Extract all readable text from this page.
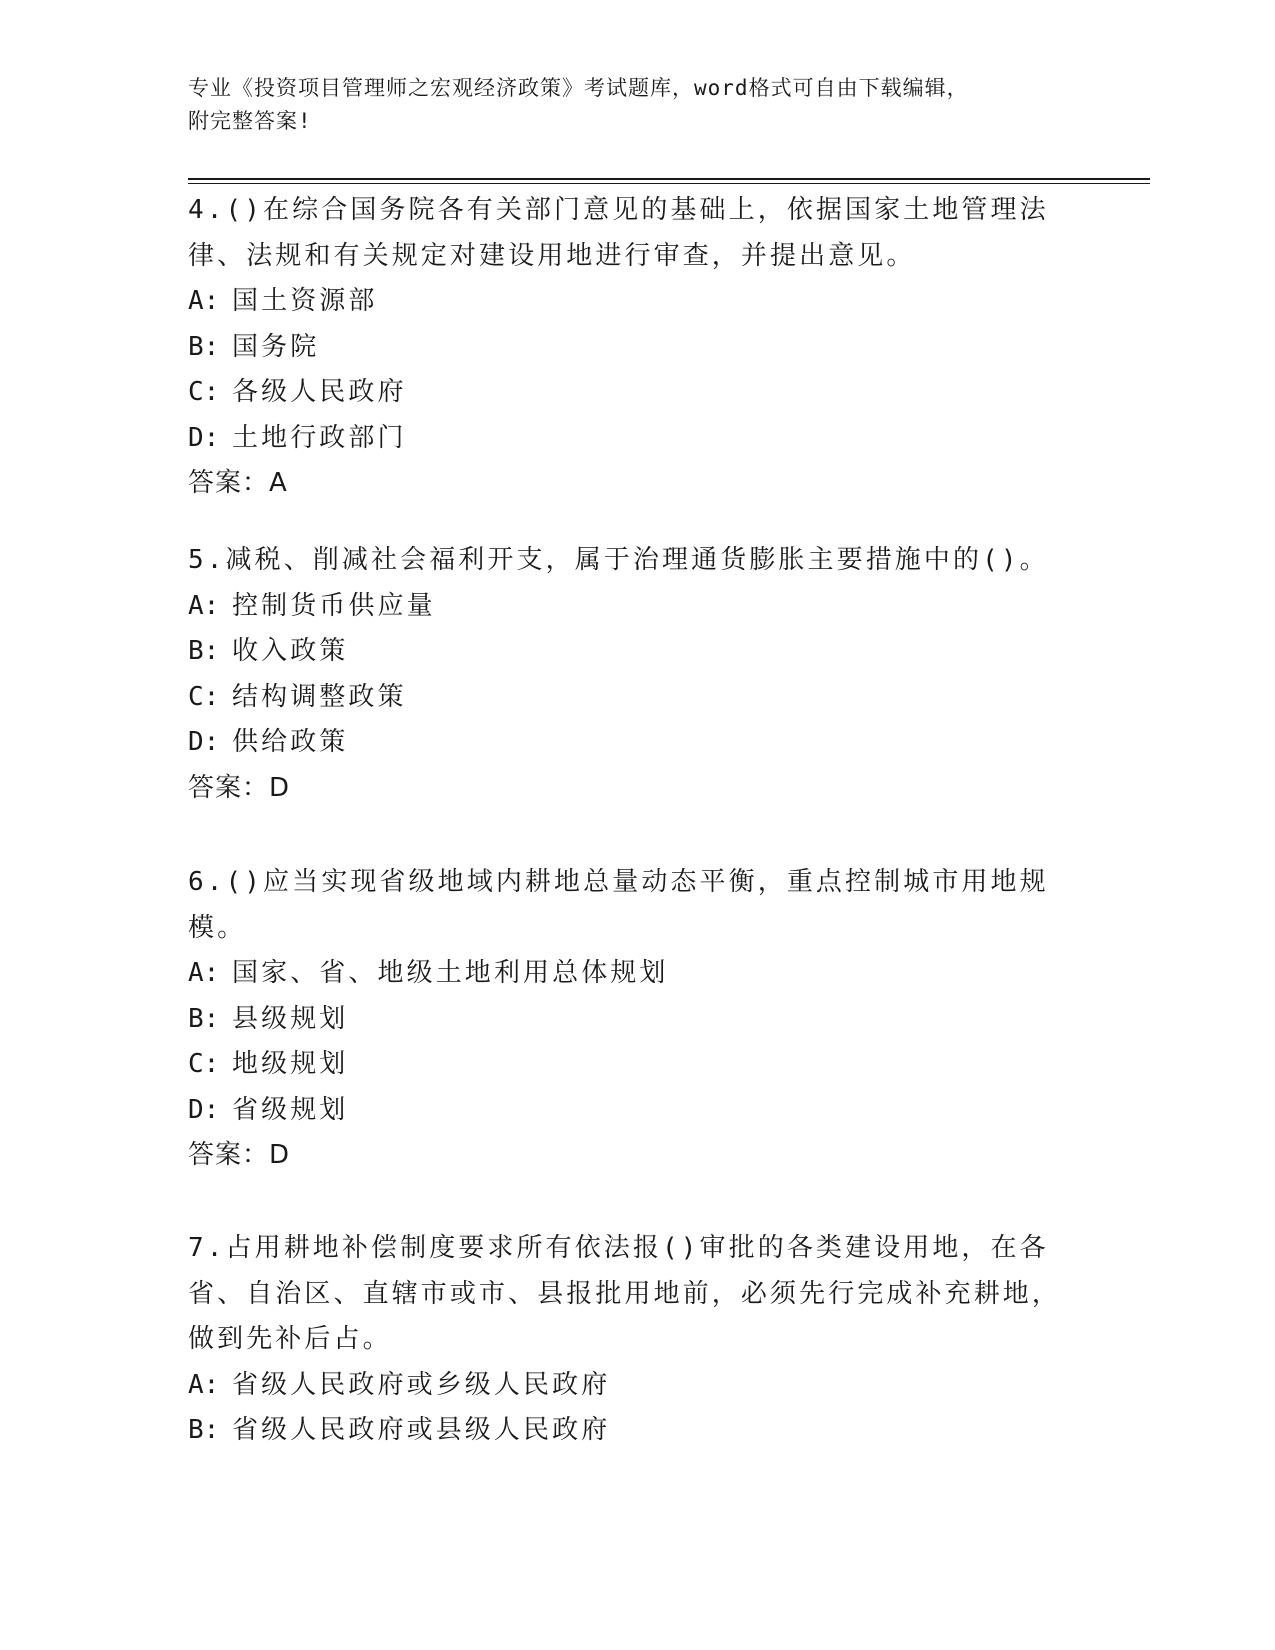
专业《投资项目管理师之宏观经济政策》考试题库，word格式可自由下载编辑，
附完整答案!

4.()在综合国务院各有关部门意见的基础上，依据国家土地管理法律、法规和有关规定对建设用地进行审查，并提出意见。

A: 国土资源部
B: 国务院
C: 各级人民政府
D: 土地行政部门
答案：A

5.减税、削减社会福利开支，属于治理通货膨胀主要措施中的()。

A: 控制货币供应量
B: 收入政策
C: 结构调整政策
D: 供给政策
答案：D

6.()应当实现省级地域内耕地总量动态平衡，重点控制城市用地规模。

A: 国家、省、地级土地利用总体规划
B: 县级规划
C: 地级规划
D: 省级规划
答案：D

7.占用耕地补偿制度要求所有依法报()审批的各类建设用地，在各省、自治区、直辖市或市、县报批用地前，必须先行完成补充耕地，做到先补后占。

A: 省级人民政府或乡级人民政府
B: 省级人民政府或县级人民政府
